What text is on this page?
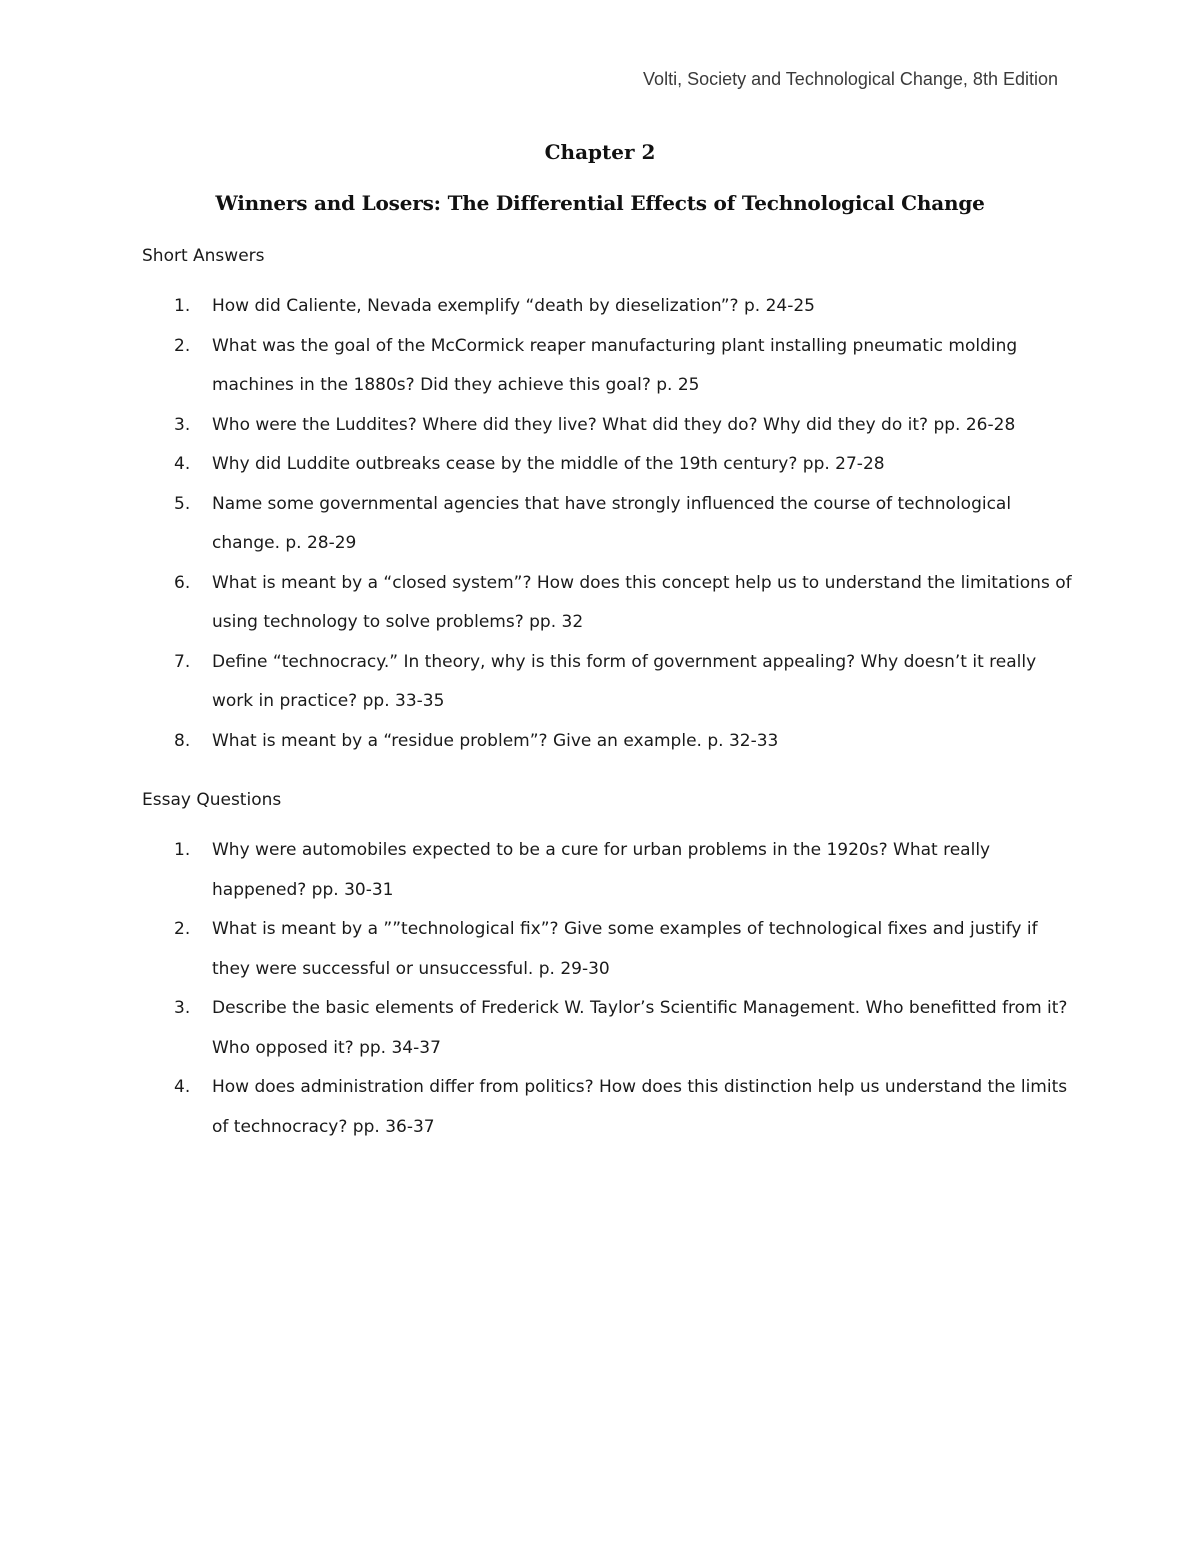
Volti, Society and Technological Change, 8th Edition
Chapter 2
Winners and Losers: The Differential Effects of Technological Change
Short Answers
1. How did Caliente, Nevada exemplify “death by dieselization”? p. 24-25
2. What was the goal of the McCormick reaper manufacturing plant installing pneumatic molding machines in the 1880s? Did they achieve this goal? p. 25
3. Who were the Luddites? Where did they live? What did they do? Why did they do it? pp. 26-28
4. Why did Luddite outbreaks cease by the middle of the 19th century? pp. 27-28
5. Name some governmental agencies that have strongly influenced the course of technological change. p. 28-29
6. What is meant by a “closed system”? How does this concept help us to understand the limitations of using technology to solve problems? pp. 32
7. Define “technocracy.” In theory, why is this form of government appealing? Why doesn’t it really work in practice? pp. 33-35
8. What is meant by a “residue problem”? Give an example. p. 32-33
Essay Questions
1. Why were automobiles expected to be a cure for urban problems in the 1920s? What really happened? pp. 30-31
2. What is meant by a ””technological fix”? Give some examples of technological fixes and justify if they were successful or unsuccessful. p. 29-30
3. Describe the basic elements of Frederick W. Taylor’s Scientific Management. Who benefitted from it? Who opposed it? pp. 34-37
4. How does administration differ from politics? How does this distinction help us understand the limits of technocracy? pp. 36-37
